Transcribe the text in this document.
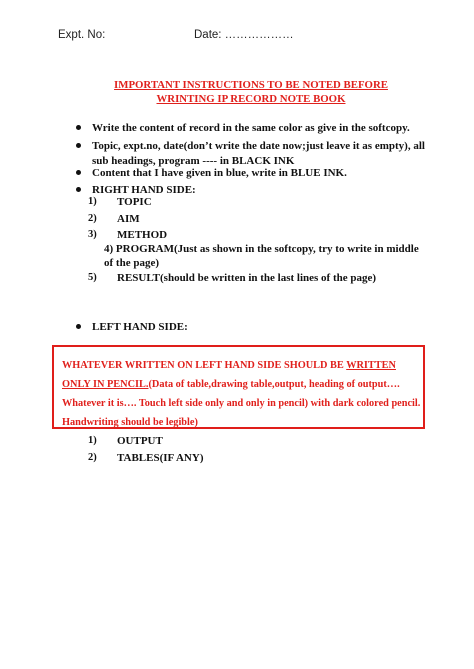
Expt. No:	Date: ………………
IMPORTANT INSTRUCTIONS TO BE NOTED BEFORE
WRINTING IP RECORD NOTE BOOK
Write the content of record in the same color as give in the softcopy.
Topic, expt.no, date(don’t write the date now;just leave it as empty), all sub headings, program ---- in BLACK INK
Content that I have given in blue, write in BLUE INK.
RIGHT HAND SIDE:
1) TOPIC
2) AIM
3) METHOD
4) PROGRAM(Just as shown in the softcopy, try to write in middle of the page)
5) RESULT(should be written in the last lines of the page)
LEFT HAND SIDE:
WHATEVER WRITTEN ON LEFT HAND SIDE SHOULD BE WRITTEN ONLY IN PENCIL.(Data of table,drawing table,output, heading of output…. Whatever it is…. Touch left side only and only in pencil) with dark colored pencil. Handwriting should be legible)
1) OUTPUT
2) TABLES(IF ANY)
